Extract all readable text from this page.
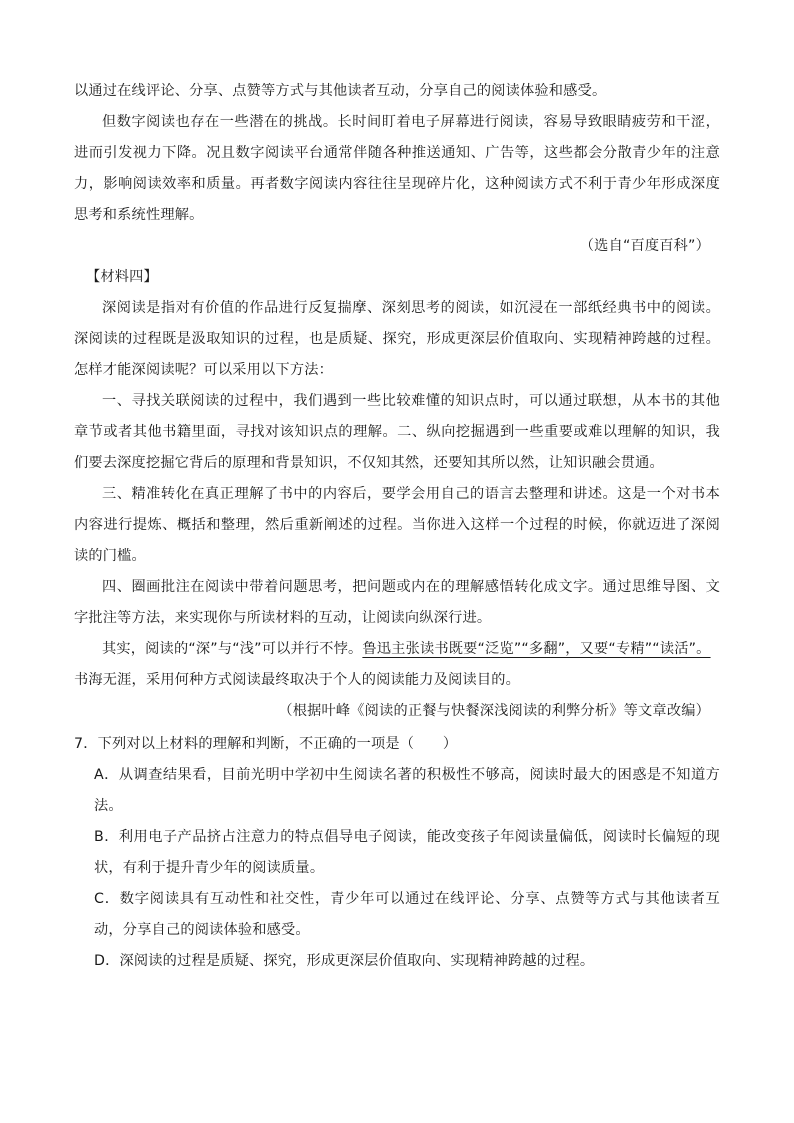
以通过在线评论、分享、点赞等方式与其他读者互动，分享自己的阅读体验和感受。

但数字阅读也存在一些潜在的挑战。长时间盯着电子屏幕进行阅读，容易导致眼睛疲劳和干涩，进而引发视力下降。况且数字阅读平台通常伴随各种推送通知、广告等，这些都会分散青少年的注意力，影响阅读效率和质量。再者数字阅读内容往往呈现碎片化，这种阅读方式不利于青少年形成深度思考和系统性理解。

（选自“百度百科”）

【材料四】

深阅读是指对有价值的作品进行反复揣摩、深刻思考的阅读，如沉浸在一部纸经典书中的阅读。深阅读的过程既是汲取知识的过程，也是质疑、探究，形成更深层价值取向、实现精神跨越的过程。怎样才能深阅读呢？可以采用以下方法：

一、寻找关联阅读的过程中，我们遇到一些比较难懂的知识点时，可以通过联想，从本书的其他章节或者其他书籍里面，寻找对该知识点的理解。二、纵向挖掘遇到一些重要或难以理解的知识，我们要去深度挖掘它背后的原理和背景知识，不仅知其然，还要知其所以然，让知识融会贯通。

三、精准转化在真正理解了书中的内容后，要学会用自己的语言去整理和讲述。这是一个对书本内容进行提炼、概括和整理，然后重新阐述的过程。当你进入这样一个过程的时候，你就迈进了深阅读的门槛。

四、圈画批注在阅读中带着问题思考，把问题或内在的理解感悟转化成文字。通过思维导图、文字批注等方法，来实现你与所读材料的互动，让阅读向纵深行进。

其实，阅读的“深”与“浅”可以并行不悖。鲁迅主张读书既要“泛览”“多翻”，又要“专精”“读活”。
书海无涯，采用何种方式阅读最终取决于个人的阅读能力及阅读目的。

（根据叶峰《阅读的正餐与快餐深浅阅读的利弊分析》等文章改编）

7．下列对以上材料的理解和判断，不正确的一项是（　　）

A．从调查结果看，目前光明中学初中生阅读名著的积极性不够高，阅读时最大的困惑是不知道方法。

B．利用电子产品挤占注意力的特点倡导电子阅读，能改变孩子年阅读量偏低，阅读时长偏短的现状，有利于提升青少年的阅读质量。

C．数字阅读具有互动性和社交性，青少年可以通过在线评论、分享、点赞等方式与其他读者互动，分享自己的阅读体验和感受。

D．深阅读的过程是质疑、探究，形成更深层价值取向、实现精神跨越的过程。
